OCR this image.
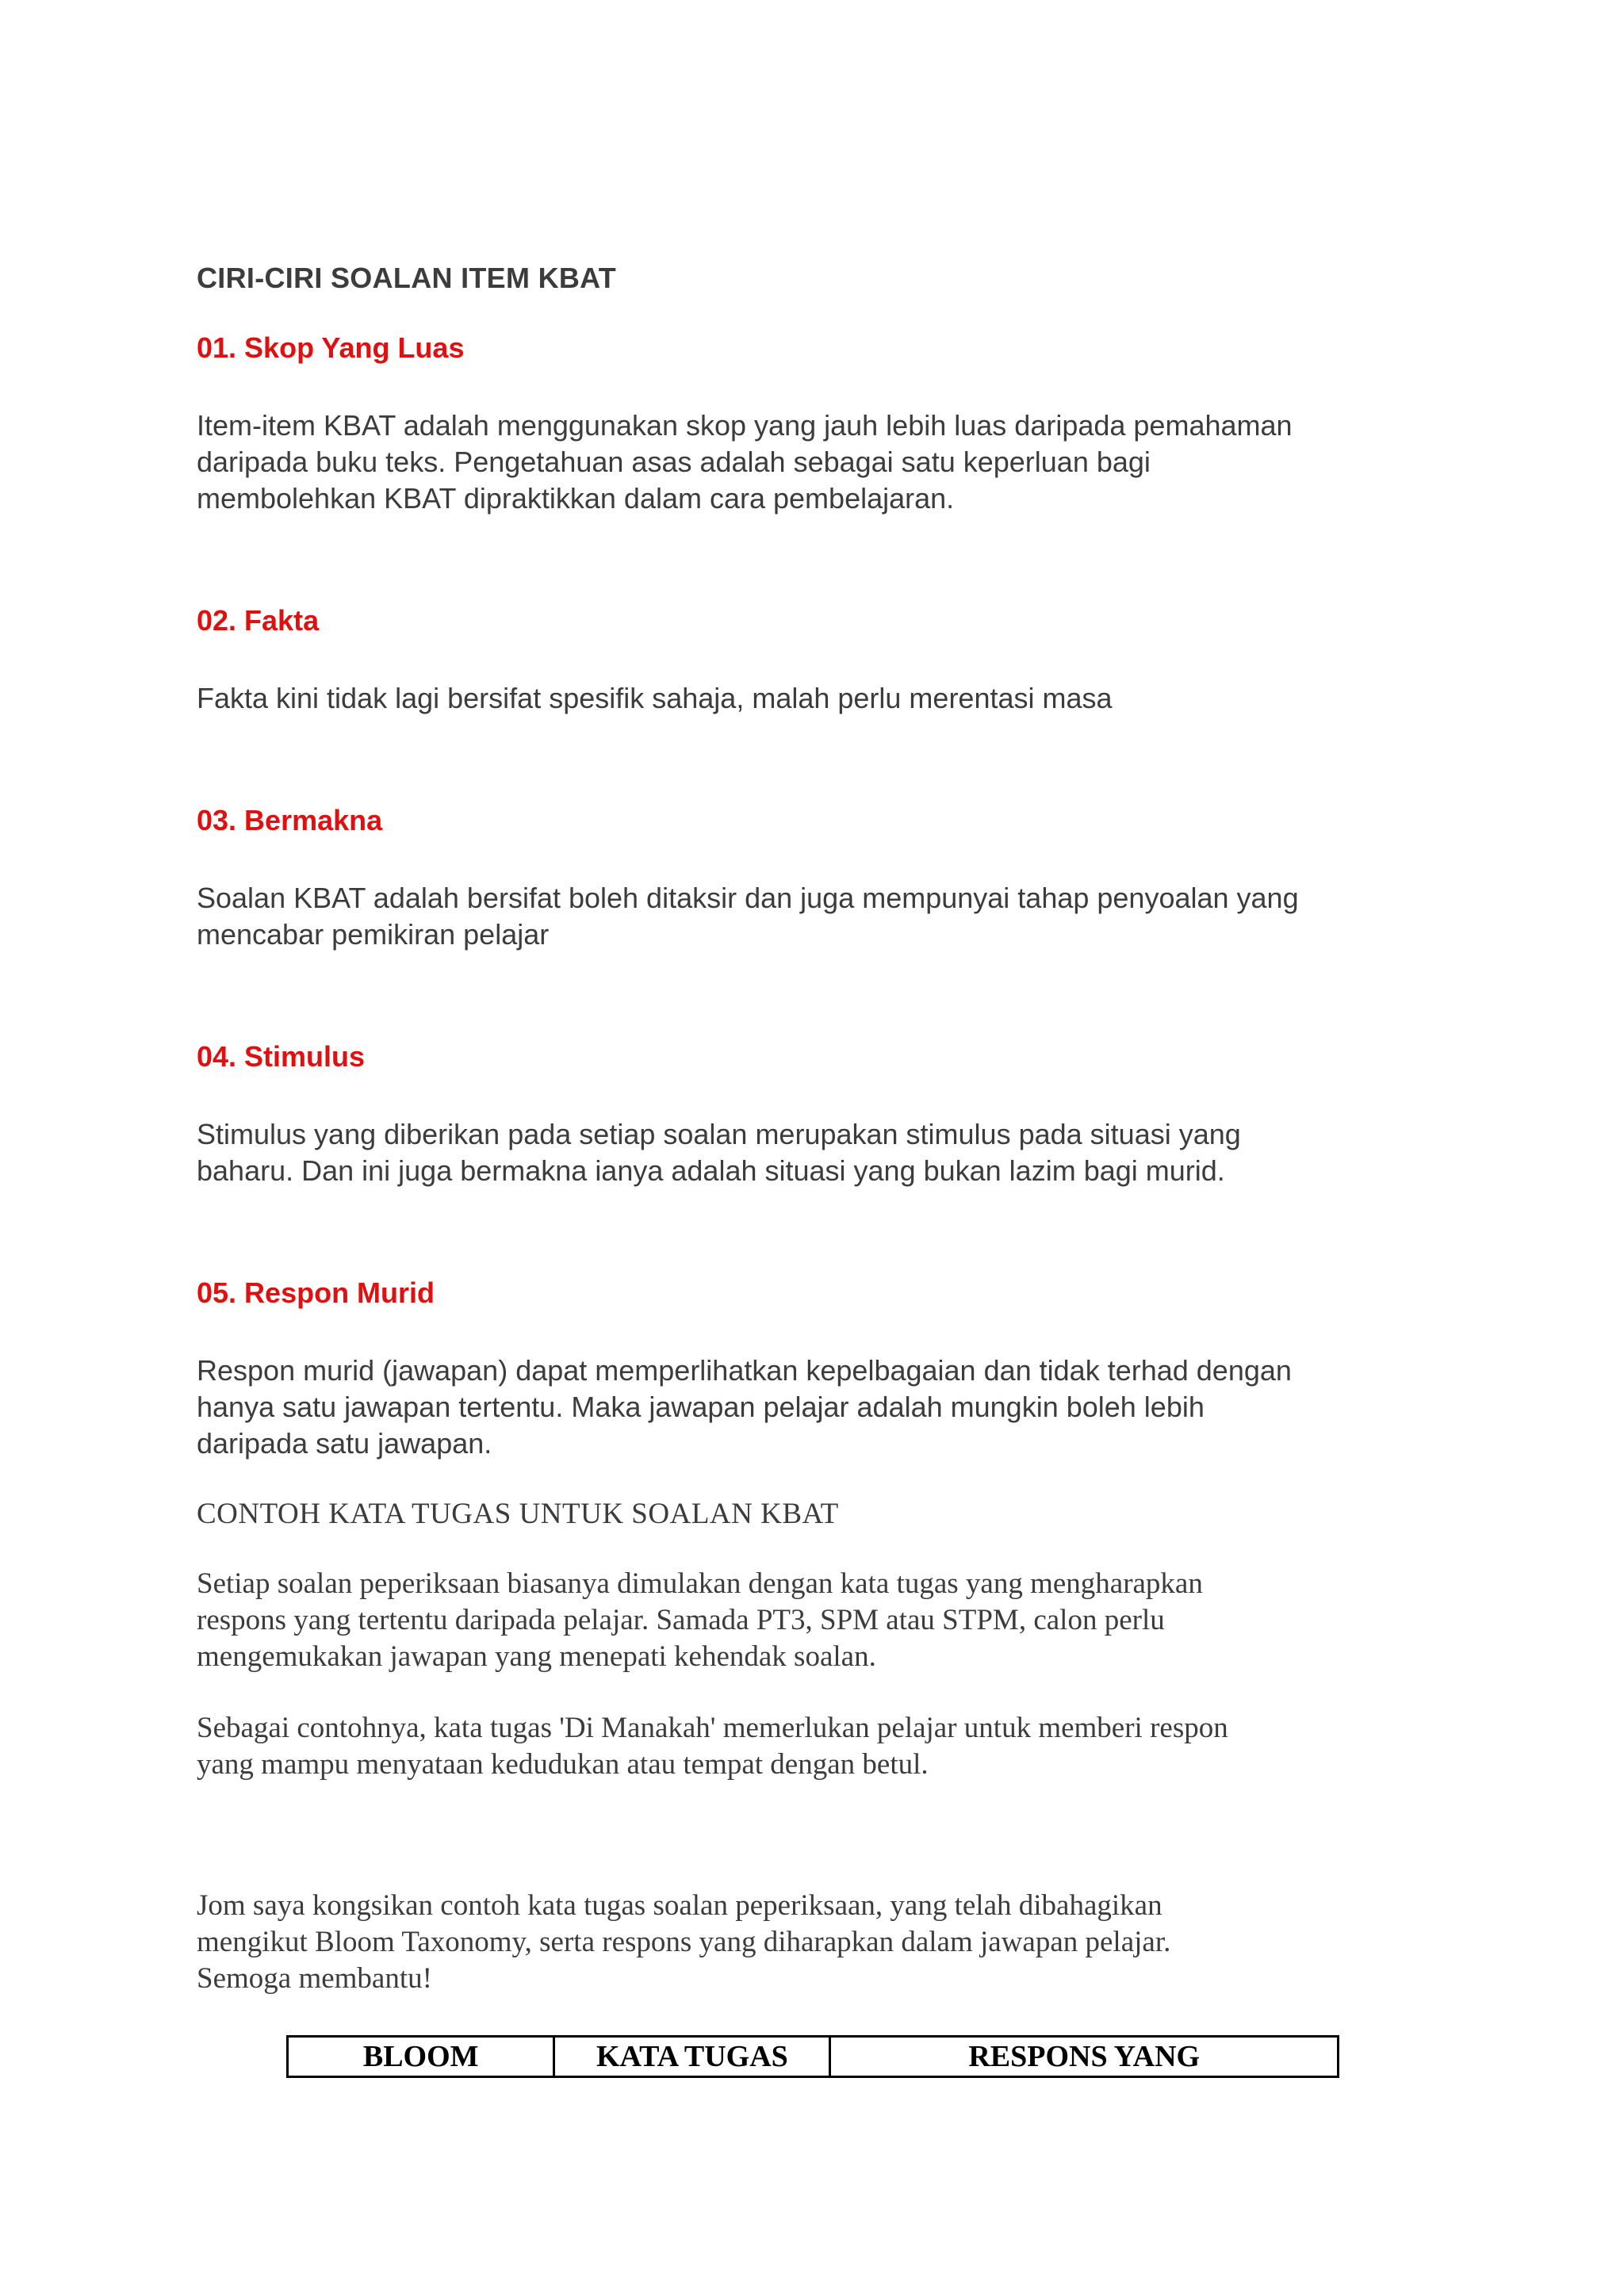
CIRI-CIRI SOALAN ITEM KBAT
01. Skop Yang Luas
Item-item KBAT adalah menggunakan skop yang jauh lebih luas daripada pemahaman
daripada buku teks. Pengetahuan asas adalah sebagai satu keperluan bagi
membolehkan KBAT dipraktikkan dalam cara pembelajaran.
02. Fakta
Fakta kini tidak lagi bersifat spesifik sahaja, malah perlu merentasi masa
03. Bermakna
Soalan KBAT adalah bersifat boleh ditaksir dan juga mempunyai tahap penyoalan yang
mencabar pemikiran pelajar
04. Stimulus
Stimulus yang diberikan pada setiap soalan merupakan stimulus pada situasi yang
baharu. Dan ini juga bermakna ianya adalah situasi yang bukan lazim bagi murid.
05. Respon Murid
Respon murid (jawapan) dapat memperlihatkan kepelbagaian dan tidak terhad dengan
hanya satu jawapan tertentu. Maka jawapan pelajar adalah mungkin boleh lebih
daripada satu jawapan.
CONTOH KATA TUGAS UNTUK SOALAN KBAT
Setiap soalan peperiksaan biasanya dimulakan dengan kata tugas yang mengharapkan
respons yang tertentu daripada pelajar. Samada PT3, SPM atau STPM, calon perlu
mengemukakan jawapan yang menepati kehendak soalan.
Sebagai contohnya, kata tugas 'Di Manakah' memerlukan pelajar untuk memberi respon
yang mampu menyataan kedudukan atau tempat dengan betul.
Jom saya kongsikan contoh kata tugas soalan peperiksaan, yang telah dibahagikan
mengikut Bloom Taxonomy, serta respons yang diharapkan dalam jawapan pelajar.
Semoga membantu!
BLOOM	KATA TUGAS	RESPONS YANG
